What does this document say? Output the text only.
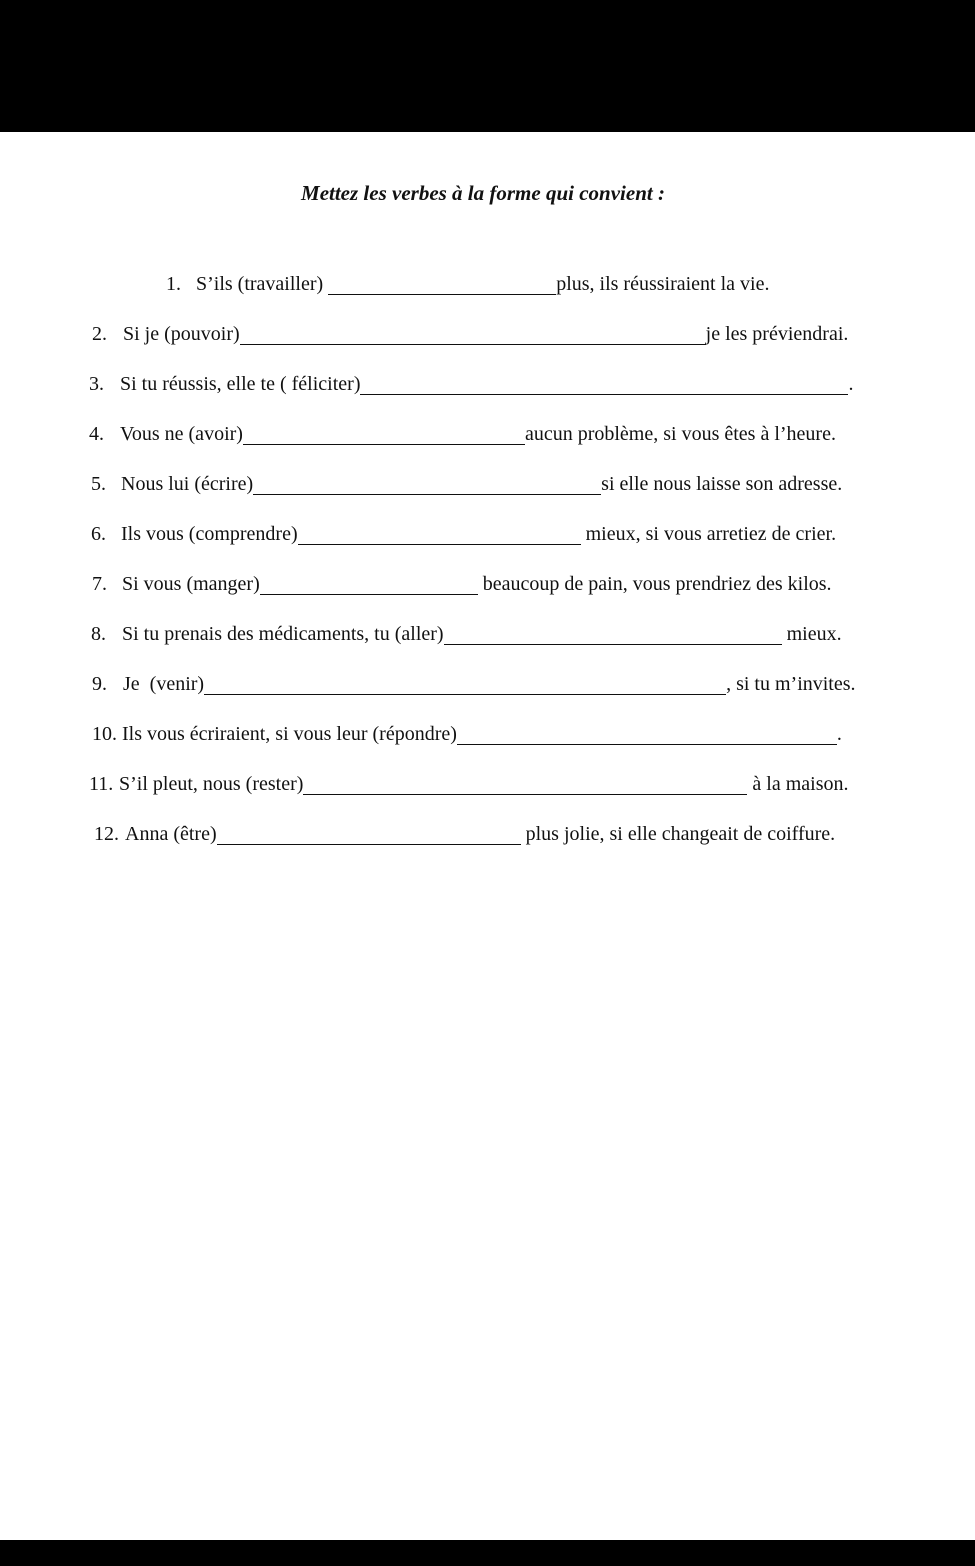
Mettez les verbes à la forme qui convient :
1. S’ils (travailler)	plus, ils réussiraient la vie.
2. Si je (pouvoir)	je les préviendrai.
3. Si tu réussis, elle te ( féliciter)	.
4. Vous ne (avoir)	aucun problème, si vous êtes à l’heure.
5. Nous lui (écrire)	si elle nous laisse son adresse.
6. Ils vous (comprendre)	mieux, si vous arretiez de crier.
7. Si vous (manger)	beaucoup de pain, vous prendriez des kilos.
8. Si tu prenais des médicaments, tu (aller)	mieux.
9. Je  (venir)	, si tu m’invites.
10. Ils vous écriraient, si vous leur (répondre)	.
11. S’il pleut, nous (rester)	à la maison.
12. Anna (être)	plus jolie, si elle changeait de coiffure.
